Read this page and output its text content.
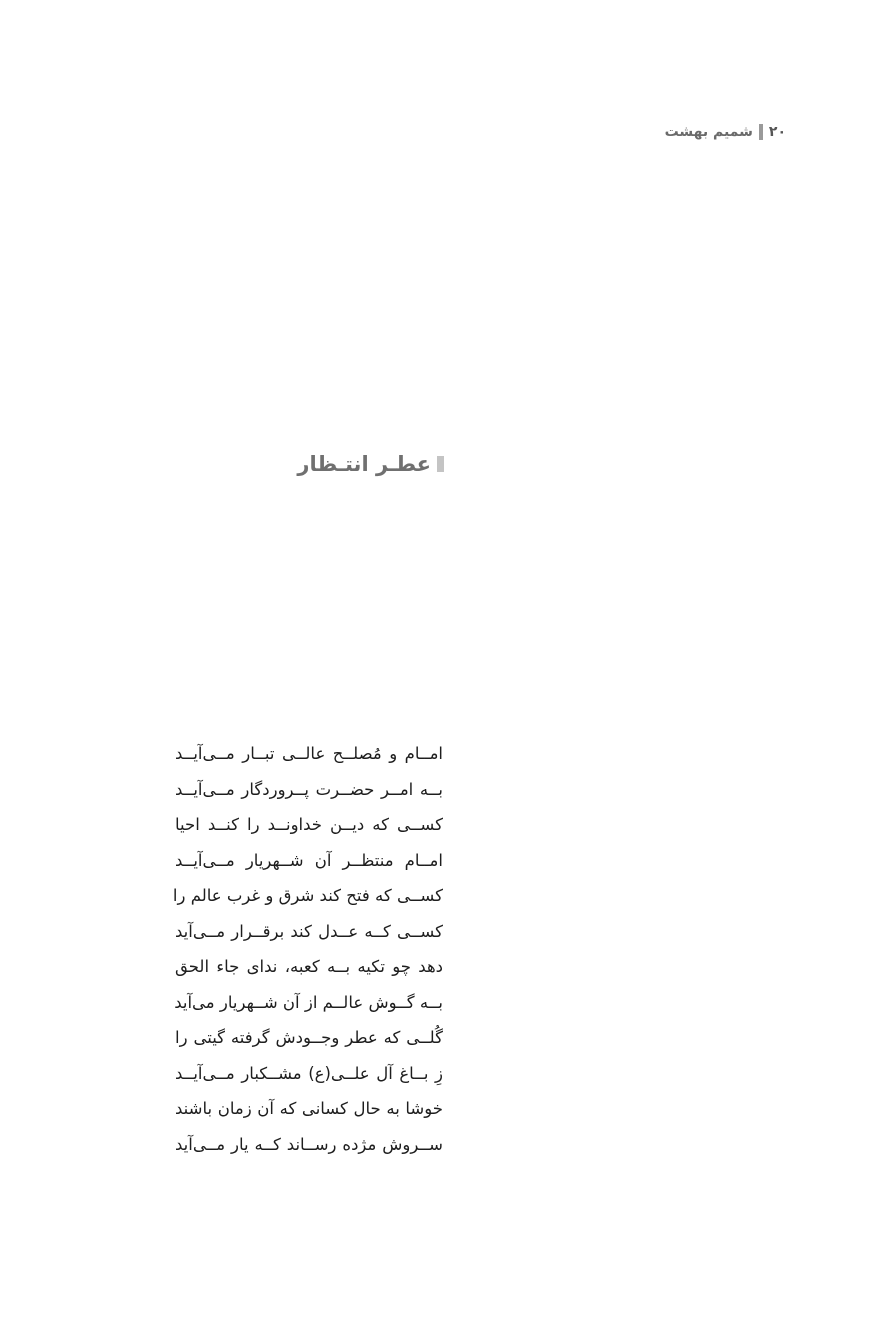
۲۰
شمیم بهشت
عطـر انتـظار
امــام و مُصلــح عالــی تبــار مــی‌آیــد
بــه امــر حضــرت پــروردگار مــی‌آیــد
کســی که دیــن خداونــد را کنــد احیا
امــام منتظــر آن شــهریار مــی‌آیــد
کســی که فتح کند شرق و غرب عالم را
کســی کــه عــدل کند برقــرار مــی‌آید
دهد چو تکیه بــه کعبه، ندای جاء الحق
بــه گــوش عالــم از آن شــهریار می‌آید
گُلــی که عطر وجــودش گرفته گیتی را
زِ بــاغ آل علــی(ع) مشــکبار مــی‌آیــد
خوشا به حال کسانی که آن زمان باشند
ســروش مژده رســاند کــه یار مــی‌آید
